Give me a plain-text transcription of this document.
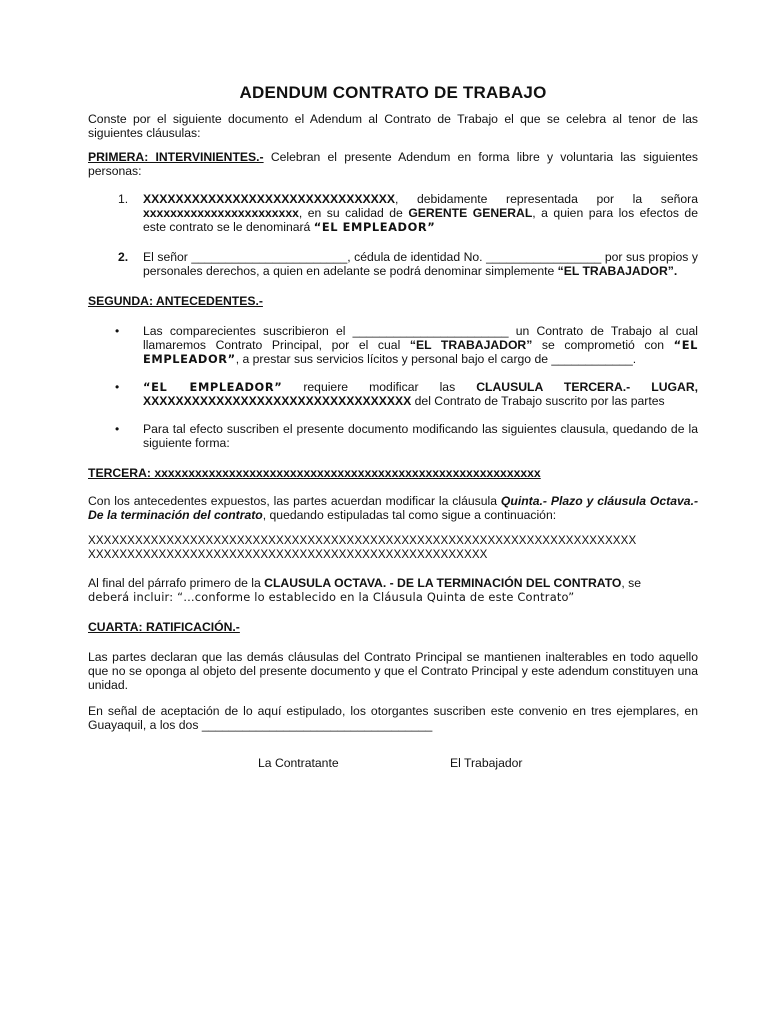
ADENDUM CONTRATO DE TRABAJO

Conste por el siguiente documento el Adendum al Contrato de Trabajo el que se celebra al tenor de las siguientes cláusulas:

PRIMERA: INTERVINIENTES.- Celebran el presente Adendum en forma libre y voluntaria las siguientes personas:

1. XXXXXXXXXXXXXXXXXXXXXXXXXXXXXXX, debidamente representada por la señora xxxxxxxxxxxxxxxxxxxxxxx, en su calidad de GERENTE GENERAL, a quien para los efectos de este contrato se le denominará “EL EMPLEADOR”
2. El señor _______________________, cédula de identidad No. _________________ por sus propios y personales derechos, a quien en adelante se podrá denominar simplemente “EL TRABAJADOR”.

SEGUNDA: ANTECEDENTES.-

• Las comparecientes suscribieron el _______________________ un Contrato de Trabajo al cual llamaremos Contrato Principal, por el cual “EL TRABAJADOR” se comprometió con “EL EMPLEADOR”, a prestar sus servicios lícitos y personal bajo el cargo de ____________.
• “EL EMPLEADOR” requiere modificar las CLAUSULA TERCERA.- LUGAR, XXXXXXXXXXXXXXXXXXXXXXXXXXXXXXXXX del Contrato de Trabajo suscrito por las partes
• Para tal efecto suscriben el presente documento modificando las siguientes clausula, quedando de la siguiente forma:

TERCERA: xxxxxxxxxxxxxxxxxxxxxxxxxxxxxxxxxxxxxxxxxxxxxxxxxxxxxxxxx

Con los antecedentes expuestos, las partes acuerdan modificar la cláusula Quinta.- Plazo y cláusula Octava.- De la terminación del contrato, quedando estipuladas tal como sigue a continuación:

XXXXXXXXXXXXXXXXXXXXXXXXXXXXXXXXXXXXXXXXXXXXXXXXXXXXXXXXXXXXXXXXXXXXXX

XXXXXXXXXXXXXXXXXXXXXXXXXXXXXXXXXXXXXXXXXXXXXXXXXXX

Al final del párrafo primero de la CLAUSULA OCTAVA. - DE LA TERMINACIÓN DEL CONTRATO, se
deberá incluir: “…conforme lo establecido en la Cláusula Quinta de este Contrato”

CUARTA: RATIFICACIÓN.-

Las partes declaran que las demás cláusulas del Contrato Principal se mantienen inalterables en todo aquello que no se oponga al objeto del presente documento y que el Contrato Principal y este adendum constituyen una unidad.

En señal de aceptación de lo aquí estipulado, los otorgantes suscriben este convenio en tres ejemplares, en Guayaquil, a los dos __________________________________

La Contratante	El Trabajador
